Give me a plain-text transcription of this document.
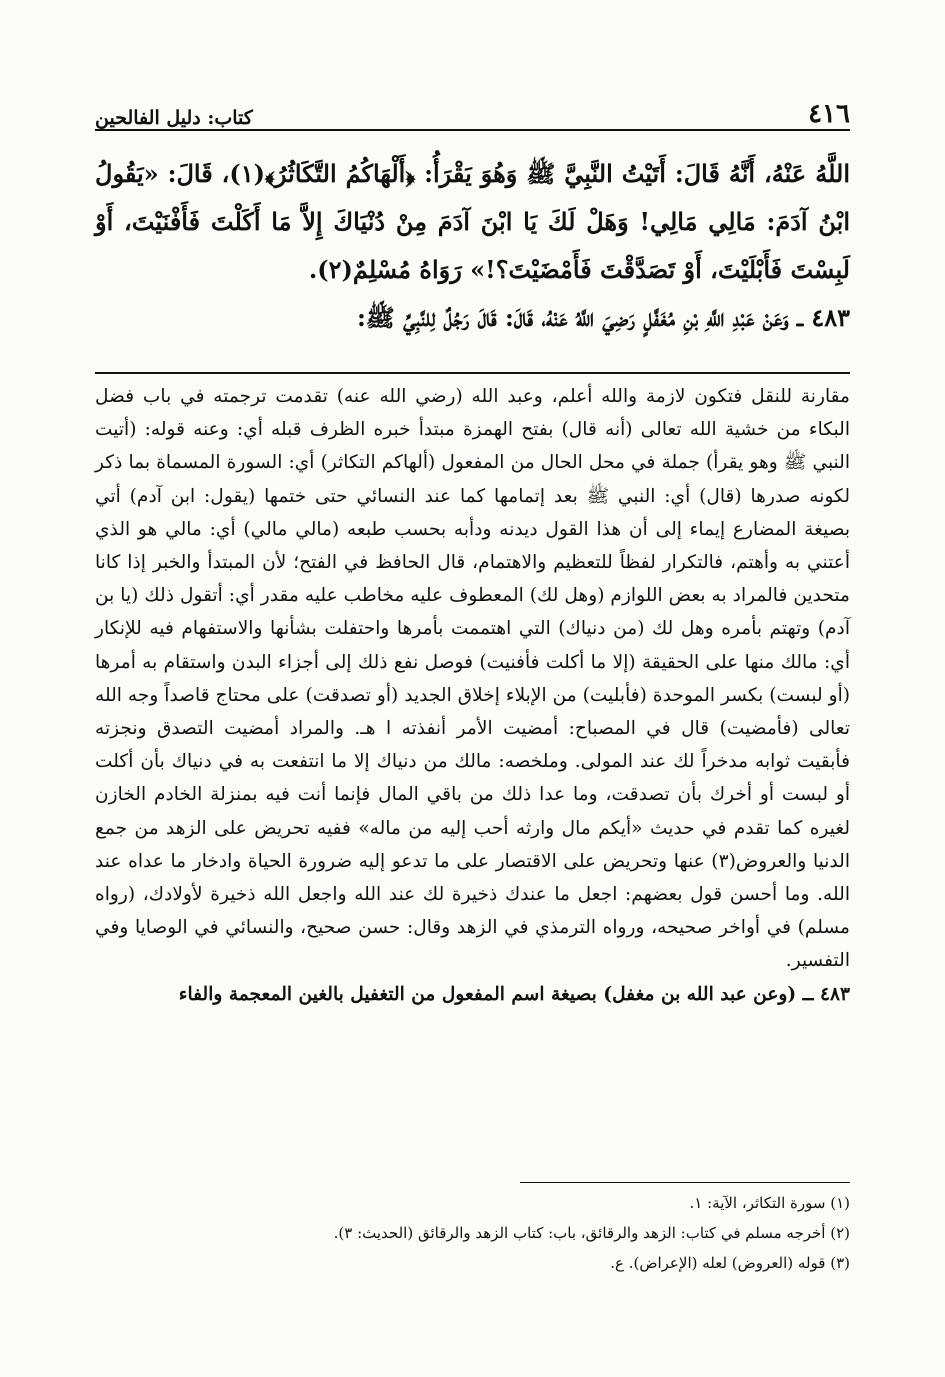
٤١٦
كتاب: دليل الفالحين

اللَّهُ عَنْهُ، أَنَّهُ قَالَ: أَتَيْتُ النَّبِيَّ ﷺ وَهُوَ يَقْرَأُ: ﴿أَلْهَاكُمُ التَّكَاثُرُ﴾(١)، قَالَ: «يَقُولُ ابْنُ آدَمَ: مَالِي مَالِي! وَهَلْ لَكَ يَا ابْنَ آدَمَ مِنْ دُنْيَاكَ إِلاَّ مَا أَكَلْتَ فَأَفْنَيْتَ، أَوْ لَبِسْتَ فَأَبْلَيْتَ، أَوْ تَصَدَّقْتَ فَأَمْضَيْتَ؟!» رَوَاهُ مُسْلِمٌ(٢).

٤٨٣ ــ وَعَنْ عَبْدِ اللَّهِ بْنِ مُغَفَّلٍ رَضِيَ اللَّهُ عَنْهُ، قَالَ: قَالَ رَجُلٌ لِلنَّبِيِّ ﷺ:

مقارنة للنقل فتكون لازمة والله أعلم، وعبد الله (رضي الله عنه) تقدمت ترجمته في باب فضل البكاء من خشية الله تعالى (أنه قال) بفتح الهمزة مبتدأ خبره الظرف قبله أي: وعنه قوله: (أتيت النبي ﷺ وهو يقرأ) جملة في محل الحال من المفعول (ألهاكم التكاثر) أي: السورة المسماة بما ذكر لكونه صدرها (قال) أي: النبي ﷺ بعد إتمامها كما عند النسائي حتى ختمها (يقول: ابن آدم) أتي بصيغة المضارع إيماء إلى أن هذا القول ديدنه ودأبه بحسب طبعه (مالي مالي) أي: مالي هو الذي أعتني به وأهتم، فالتكرار لفظاً للتعظيم والاهتمام، قال الحافظ في الفتح؛ لأن المبتدأ والخبر إذا كانا متحدين فالمراد به بعض اللوازم (وهل لك) المعطوف عليه مخاطب عليه مقدر أي: أتقول ذلك (يا بن آدم) وتهتم بأمره وهل لك (من دنياك) التي اهتممت بأمرها واحتفلت بشأنها والاستفهام فيه للإنكار أي: مالك منها على الحقيقة (إلا ما أكلت فأفنيت) فوصل نفع ذلك إلى أجزاء البدن واستقام به أمرها (أو لبست) بكسر الموحدة (فأبليت) من الإبلاء إخلاق الجديد (أو تصدقت) على محتاج قاصداً وجه الله تعالى (فأمضيت) قال في المصباح: أمضيت الأمر أنفذته ا هـ. والمراد أمضيت التصدق ونجزته فأبقيت ثوابه مدخراً لك عند المولى. وملخصه: مالك من دنياك إلا ما انتفعت به في دنياك بأن أكلت أو لبست أو أخرك بأن تصدقت، وما عدا ذلك من باقي المال فإنما أنت فيه بمنزلة الخادم الخازن لغيره كما تقدم في حديث «أيكم مال وارثه أحب إليه من ماله» ففيه تحريض على الزهد من جمع الدنيا والعروض(٣) عنها وتحريض على الاقتصار على ما تدعو إليه ضرورة الحياة وادخار ما عداه عند الله. وما أحسن قول بعضهم: اجعل ما عندك ذخيرة لك عند الله واجعل الله ذخيرة لأولادك، (رواه مسلم) في أواخر صحيحه، ورواه الترمذي في الزهد وقال: حسن صحيح، والنسائي في الوصايا وفي التفسير.

٤٨٣ ــ (وعن عبد الله بن مغفل) بصيغة اسم المفعول من التغفيل بالغين المعجمة والفاء

(١) سورة التكاثر، الآية: ١.
(٢) أخرجه مسلم في كتاب: الزهد والرقائق، باب: كتاب الزهد والرقائق (الحديث: ٣).
(٣) قوله (العروض) لعله (الإعراض). ع.
